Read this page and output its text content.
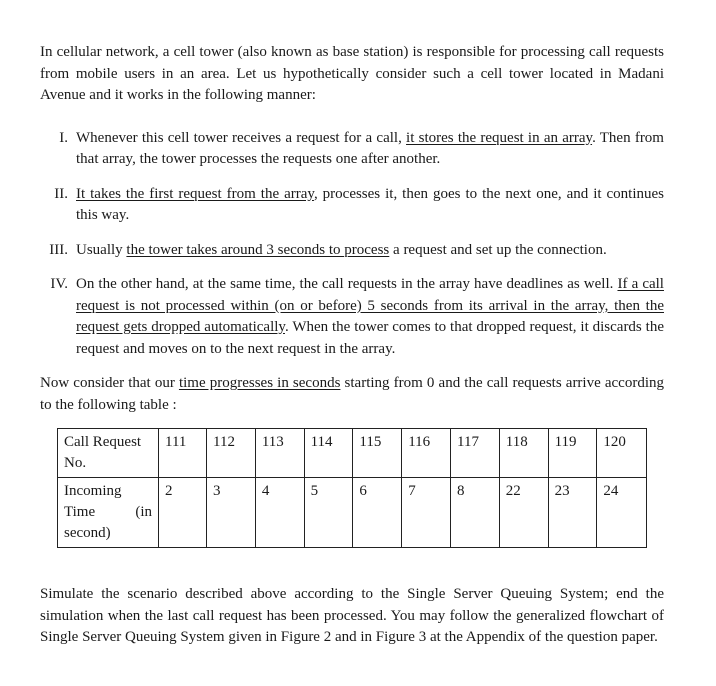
In cellular network, a cell tower (also known as base station) is responsible for processing call requests from mobile users in an area. Let us hypothetically consider such a cell tower located in Madani Avenue and it works in the following manner:

I. Whenever this cell tower receives a request for a call, it stores the request in an array. Then from that array, the tower processes the requests one after another.
II. It takes the first request from the array, processes it, then goes to the next one, and it continues this way.
III. Usually the tower takes around 3 seconds to process a request and set up the connection.
IV. On the other hand, at the same time, the call requests in the array have deadlines as well. If a call request is not processed within (on or before) 5 seconds from its arrival in the array, then the request gets dropped automatically. When the tower comes to that dropped request, it discards the request and moves on to the next request in the array.

Now consider that our time progresses in seconds starting from 0 and the call requests arrive according to the following table :

Call Request
No.	111	112	113	114	115	116	117	118	119	120

Incoming
Time (in
second)	2	3	4	5	6	7	8	22	23	24

Simulate the scenario described above according to the Single Server Queuing System; end the simulation when the last call request has been processed. You may follow the generalized flowchart of Single Server Queuing System given in Figure 2 and in Figure 3 at the Appendix of the question paper.
